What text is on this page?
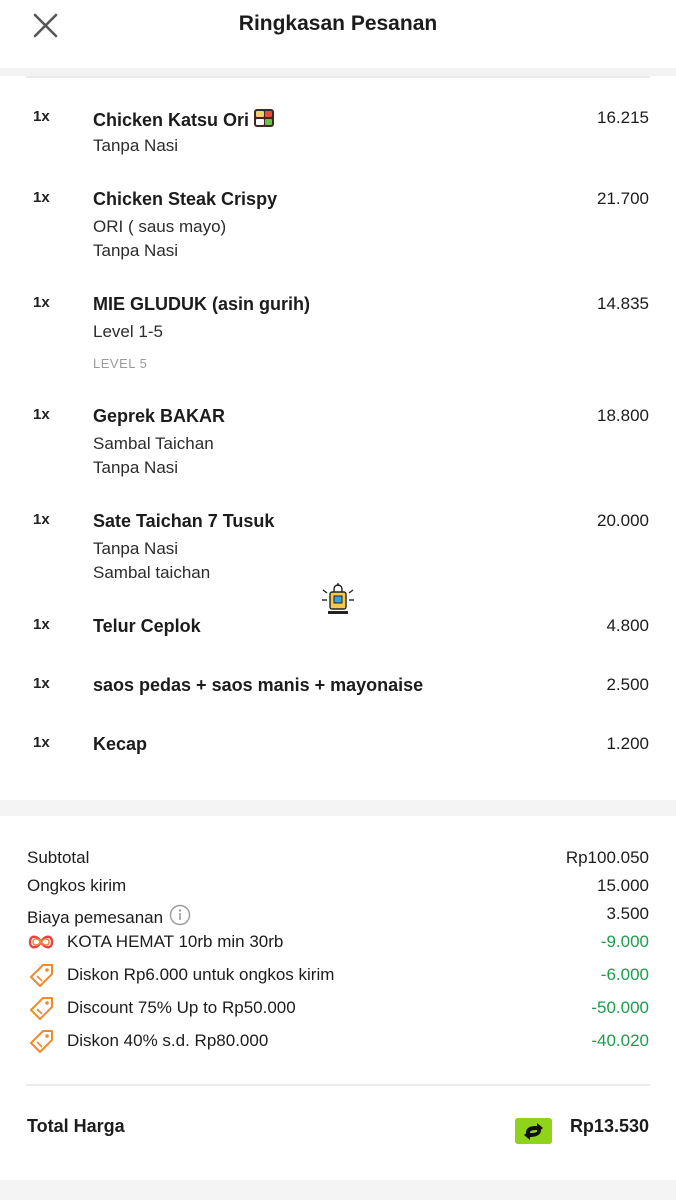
Ringkasan Pesanan
1x Chicken Katsu Ori	16.215
Tanpa Nasi
1x Chicken Steak Crispy	21.700
ORI ( saus mayo)
Tanpa Nasi
1x MIE GLUDUK (asin gurih)	14.835
Level 1-5
LEVEL 5
1x Geprek BAKAR	18.800
Sambal Taichan
Tanpa Nasi
1x Sate Taichan 7 Tusuk	20.000
Tanpa Nasi
Sambal taichan
1x Telur Ceplok	4.800
1x saos pedas + saos manis + mayonaise	2.500
1x Kecap	1.200
Subtotal	Rp100.050
Ongkos kirim	15.000
Biaya pemesanan	3.500
KOTA HEMAT 10rb min 30rb	-9.000
Diskon Rp6.000 untuk ongkos kirim	-6.000
Discount 75% Up to Rp50.000	-50.000
Diskon 40% s.d. Rp80.000	-40.020
Total Harga	Rp13.530
